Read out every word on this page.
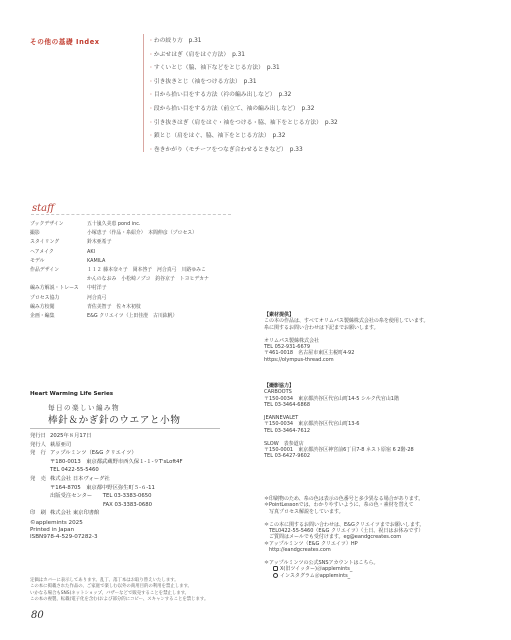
その他の基礎 Index	・ わの絞り方　p.31
・ かぶせはぎ（肩をはぐ方法）　p.31
・ すくいとじ（脇、袖下などをとじる方法）　p.31
・ 引き抜きとじ（袖をつける方法）　p.31
・ 目から拾い目をする方法（衿の編み出しなど）　p.32
・ 段から拾い目をする方法（前立て、袖の編み出しなど）　p.32
・ 引き抜きはぎ（肩をはぐ・袖をつける・脇、袖下をとじる方法）　p.32
・ 鎖とじ（肩をはぐ、脇、袖下をとじる方法）　p.32
・ 巻きかがり（モチーフをつなぎ合わせるときなど）　p.33
staff
ブックデザイン	五十嵐久美恵 pond inc.
撮影	小塚恵子（作品・糸紹介）　本間伸彦（プロセス）
スタイリング	鈴木亜希子
ヘアメイク	AKI
モデル	KAMILA
作品デザイン	１１２ 藤本奈々子　岡本啓子　河合真弓　川路ゆみこ
	かんのなおみ　小松崎ノブコ　釣谷京子　トヨヒデカナ
編み方解説・トレース	中村洋子
プロセス協力	河合真弓
編み方校閲	青佐美智子　佐々木初枝
企画・編集	E&G クリエイツ（上田佳澄　古川紘帆）	【素材提供】
この本の作品は、すべてオリムパス製絲株式会社の糸を使用しています。
糸に関するお問い合わせは下記までお願いします。
オリムパス製絲株式会社
TEL 052-931-6679
〒461-0018　名古屋市東区主税町4-92
https://olympus-thread.com
【撮影協力】
CARBOOTS
〒150-0034　東京都渋谷区代官山町14-5 シルク代官山1階
TEL 03-3464-6868
JEANNEVALET
〒150-0034　東京都渋谷区代官山町13-6
TEL 03-3464-7612
SLOW　表参道店
〒150-0001　東京都渋谷区神宮前6丁目7-8 ネスト原宿 6 2階-28
TEL 03-6427-9602
＊印刷物のため、糸の色は表示の色番号と多少異なる場合があります。
＊PointLessonでは、わかりやすいように、糸の色・素材を替えて
　写真プロセス解説をしています。
＊この本に関するお問い合わせは、E&Gクリエイツまでお願いします。
　TEL0422-55-5460（E&G クリエイツ）（土日、祝日はお休みです）
　ご質問はメールでも受付けます。eg@eandgcreates.com
＊アップルミンツ（E&G クリエイツ）HP
　http://eandgcreates.com
＊アップルミンツの公式SNSアカウントはこちら。
X(旧ツイッター)＠applemints_
インスタグラム＠applemints_
Heart Warming Life Series
毎日の楽しい編み物
棒針＆かぎ針のウエアと小物
発行日	2025年８月17日
発行人	萩原亜司
発　行	アップルミンツ（E&G クリエイツ）
	〒180-0013　東京都武蔵野市西久保１-１-９T'sLoft4F
	TEL 0422-55-5460
発　売	株式会社 日本ヴォーグ社
	〒164-8705　東京都中野区弥生町５-６-11
	出版受注センター　　TEL 03-3383-0650
	　　　　　　　　　　FAX 03-3383-0680
印　刷	株式会社 東京印書館
©applemints 2025
Printed in Japan
ISBN978-4-529-07282-3
定価はカバーに表示してあります。乱丁、落丁本はお取り替えいたします。
この本に掲載された作品の、ご家庭で楽しむ以外の商用目的の利用を禁止します。
いかなる場合もSNS(ネットショップ、バザーなどで販売することを禁止します。
この本の複製、転載(電子化を含む)および部分的にコピー、スキャンすることを禁じます。
80
